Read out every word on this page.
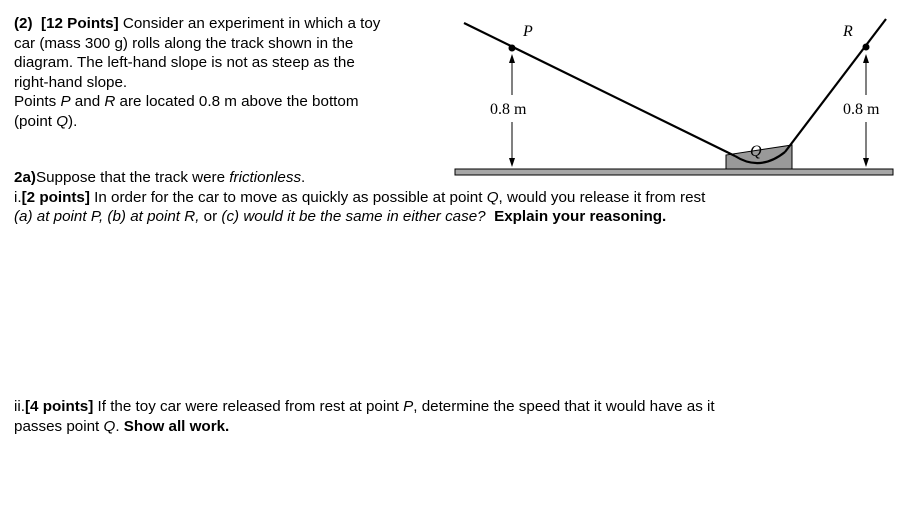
(2) [12 Points] Consider an experiment in which a toy
car (mass 300 g) rolls along the track shown in the
diagram. The left-hand slope is not as steep as the
right-hand slope.
Points P and R are located 0.8 m above the bottom
(point Q).
P	R
Q
0.8 m	0.8 m
2a)Suppose that the track were frictionless.
i.[2 points] In order for the car to move as quickly as possible at point Q, would you release it from rest
(a) at point P, (b) at point R, or (c) would it be the same in either case? Explain your reasoning.
ii.[4 points] If the toy car were released from rest at point P, determine the speed that it would have as it
passes point Q. Show all work.
